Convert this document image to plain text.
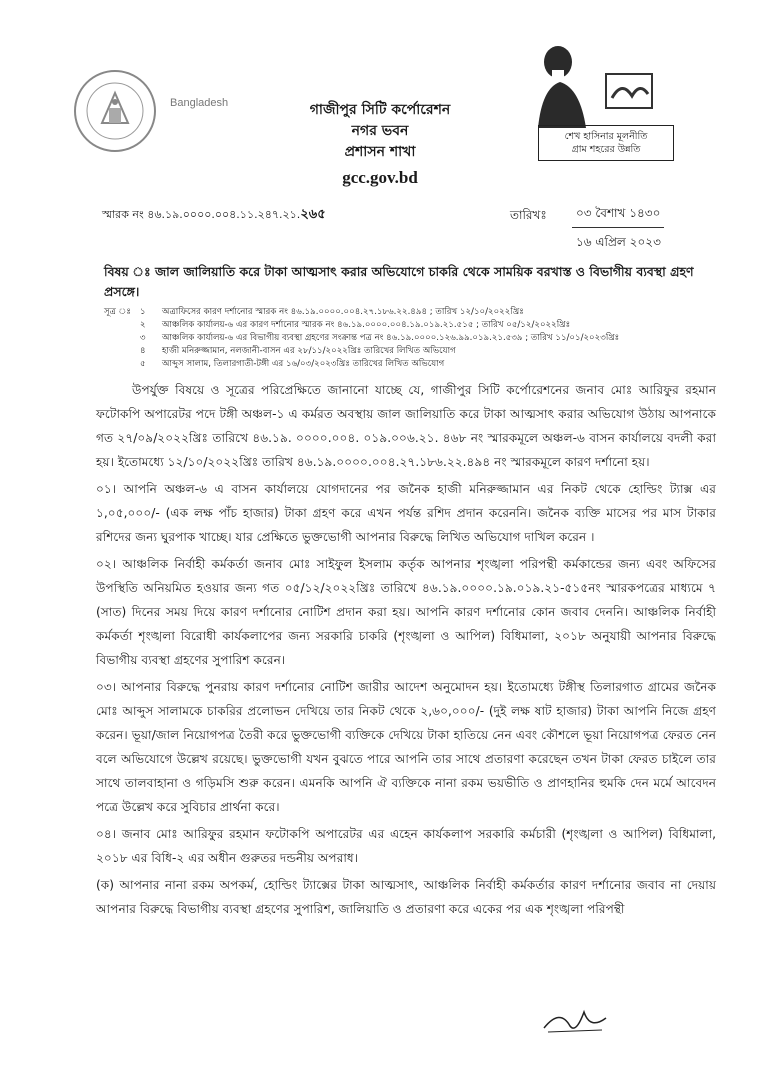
Bangladesh	গাজীপুর সিটি কর্পোরেশন
নগর ভবন
প্রশাসন শাখা
gcc.gov.bd
শেখ হাসিনার মূলনীতি
গ্রাম শহরের উন্নতি
স্মারক নং ৪৬.১৯.০০০০.০০৪.১১.২৪৭.২১.২৬৫	তারিখঃ	০৩ বৈশাখ ১৪৩০
১৬ এপ্রিল ২০২৩
বিষয় ঃ জাল জালিয়াতি করে টাকা আত্মসাৎ করার অভিযোগে চাকরি থেকে সাময়িক বরখাস্ত ও বিভাগীয় ব্যবস্থা গ্রহণ প্রসঙ্গে।
সূত্র ঃ ১	অত্রাফিসের কারণ দর্শানোর স্মারক নং ৪৬.১৯.০০০০.০০৪.২৭.১৮৬.২২.৪৯৪ ; তারিখ ১২/১০/২০২২খ্রিঃ
২	আঞ্চলিক কার্যালয়-৬ এর কারণ দর্শানোর স্মারক নং ৪৬.১৯.০০০০.০০৪.১৯.০১৯.২১.৫১৫ ; তারিখ ০৫/১২/২০২২খ্রিঃ
৩	আঞ্চলিক কার্যালয়-৬ এর বিভাগীয় ব্যবস্থা গ্রহণের সংক্রান্ত পত্র নং ৪৬.১৯.০০০০.১২৬.৯৯.০১৯.২১.৫৩৯ ; তারিখ ১১/০১/২০২৩খ্রিঃ
৪	হাজী মনিরুজ্জামান, নলজানী-বাসন এর ২৮/১১/২০২২খ্রিঃ তারিখের লিখিত অভিযোগ
৫	আব্দুস সালাম, তিলারগাতী-টঙ্গী এর ১৬/০৩/২০২৩খ্রিঃ তারিখের লিখিত অভিযোগ

উপর্যুক্ত বিষয়ে ও সূত্রের পরিপ্রেক্ষিতে জানানো যাচ্ছে যে, গাজীপুর সিটি কর্পোরেশনের জনাব মোঃ আরিফুর রহমান ফটোকপি অপারেটর পদে টঙ্গী অঞ্চল-১ এ কর্মরত অবস্থায় জাল জালিয়াতি করে টাকা আত্মসাৎ করার অভিযোগ উঠায় আপনাকে গত ২৭/০৯/২০২২খ্রিঃ তারিখে ৪৬.১৯. ০০০০.০০৪. ০১৯.০০৬.২১. ৪৬৮ নং স্মারকমূলে অঞ্চল-৬ বাসন কার্যালয়ে বদলী করা হয়। ইতোমধ্যে ১২/১০/২০২২খ্রিঃ তারিখ ৪৬.১৯.০০০০.০০৪.২৭.১৮৬.২২.৪৯৪ নং স্মারকমূলে কারণ দর্শানো হয়।

০১। আপনি অঞ্চল-৬ এ বাসন কার্যালয়ে যোগদানের পর জনৈক হাজী মনিরুজ্জামান এর নিকট থেকে হোল্ডিং ট্যাক্স এর ১,০৫,০০০/- (এক লক্ষ পাঁচ হাজার) টাকা গ্রহণ করে এখন পর্যন্ত রশিদ প্রদান করেননি। জনৈক ব্যক্তি মাসের পর মাস টাকার রশিদের জন্য ঘুরপাক খাচ্ছে। যার প্রেক্ষিতে ভুক্তভোগী আপনার বিরুদ্ধে লিখিত অভিযোগ দাখিল করেন ।

০২। আঞ্চলিক নির্বাহী কর্মকর্তা জনাব মোঃ সাইফুল ইসলাম কর্তৃক আপনার শৃংঙ্খলা পরিপন্থী কর্মকান্ডের জন্য এবং অফিসের উপস্থিতি অনিয়মিত হওয়ার জন্য গত ০৫/১২/২০২২খ্রিঃ তারিখে ৪৬.১৯.০০০০.১৯.০১৯.২১-৫১৫নং স্মারকপত্রের মাধ্যমে ৭ (সাত) দিনের সময় দিয়ে কারণ দর্শানোর নোটিশ প্রদান করা হয়। আপনি কারণ দর্শানোর কোন জবাব দেননি। আঞ্চলিক নির্বাহী কর্মকর্তা শৃংঙ্খলা বিরোধী কার্যকলাপের জন্য সরকারি চাকরি (শৃংঙ্খলা ও আপিল) বিধিমালা, ২০১৮ অনুযায়ী আপনার বিরুদ্ধে বিভাগীয় ব্যবস্থা গ্রহণের সুপারিশ করেন।

০৩। আপনার বিরুদ্ধে পুনরায় কারণ দর্শানোর নোটিশ জারীর আদেশ অনুমোদন হয়। ইতোমধ্যে টঙ্গীস্থ তিলারগাত গ্রামের জনৈক মোঃ আব্দুস সালামকে চাকরির প্রলোভন দেখিয়ে তার নিকট থেকে ২,৬০,০০০/- (দুই লক্ষ ষাট হাজার) টাকা আপনি নিজে গ্রহণ করেন। ভূয়া/জাল নিয়োগপত্র তৈরী করে ভুক্তভোগী ব্যক্তিকে দেখিয়ে টাকা হাতিয়ে নেন এবং কৌশলে ভূয়া নিয়োগপত্র ফেরত নেন বলে অভিযোগে উল্লেখ রয়েছে। ভুক্তভোগী যখন বুঝতে পারে আপনি তার সাথে প্রতারণা করেছেন তখন টাকা ফেরত চাইলে তার সাথে তালবাহানা ও গড়িমসি শুরু করেন। এমনকি আপনি ঐ ব্যক্তিকে নানা রকম ভয়ভীতি ও প্রাণহানির হুমকি দেন মর্মে আবেদন পত্রে উল্লেখ করে সুবিচার প্রার্থনা করে।

০৪। জনাব মোঃ আরিফুর রহমান ফটোকপি অপারেটর এর এহেন কার্যকলাপ সরকারি কর্মচারী (শৃংঙ্খলা ও আপিল) বিধিমালা, ২০১৮ এর বিধি-২ এর অধীন গুরুতর দন্ডনীয় অপরাধ।

(ক) আপনার নানা রকম অপকর্ম, হোল্ডিং ট্যাক্সের টাকা আত্মসাৎ, আঞ্চলিক নির্বাহী কর্মকর্তার কারণ দর্শানোর জবাব না দেয়ায় আপনার বিরুদ্ধে বিভাগীয় ব্যবস্থা গ্রহণের সুপারিশ, জালিয়াতি ও প্রতারণা করে একের পর এক শৃংঙ্খলা পরিপন্থী
